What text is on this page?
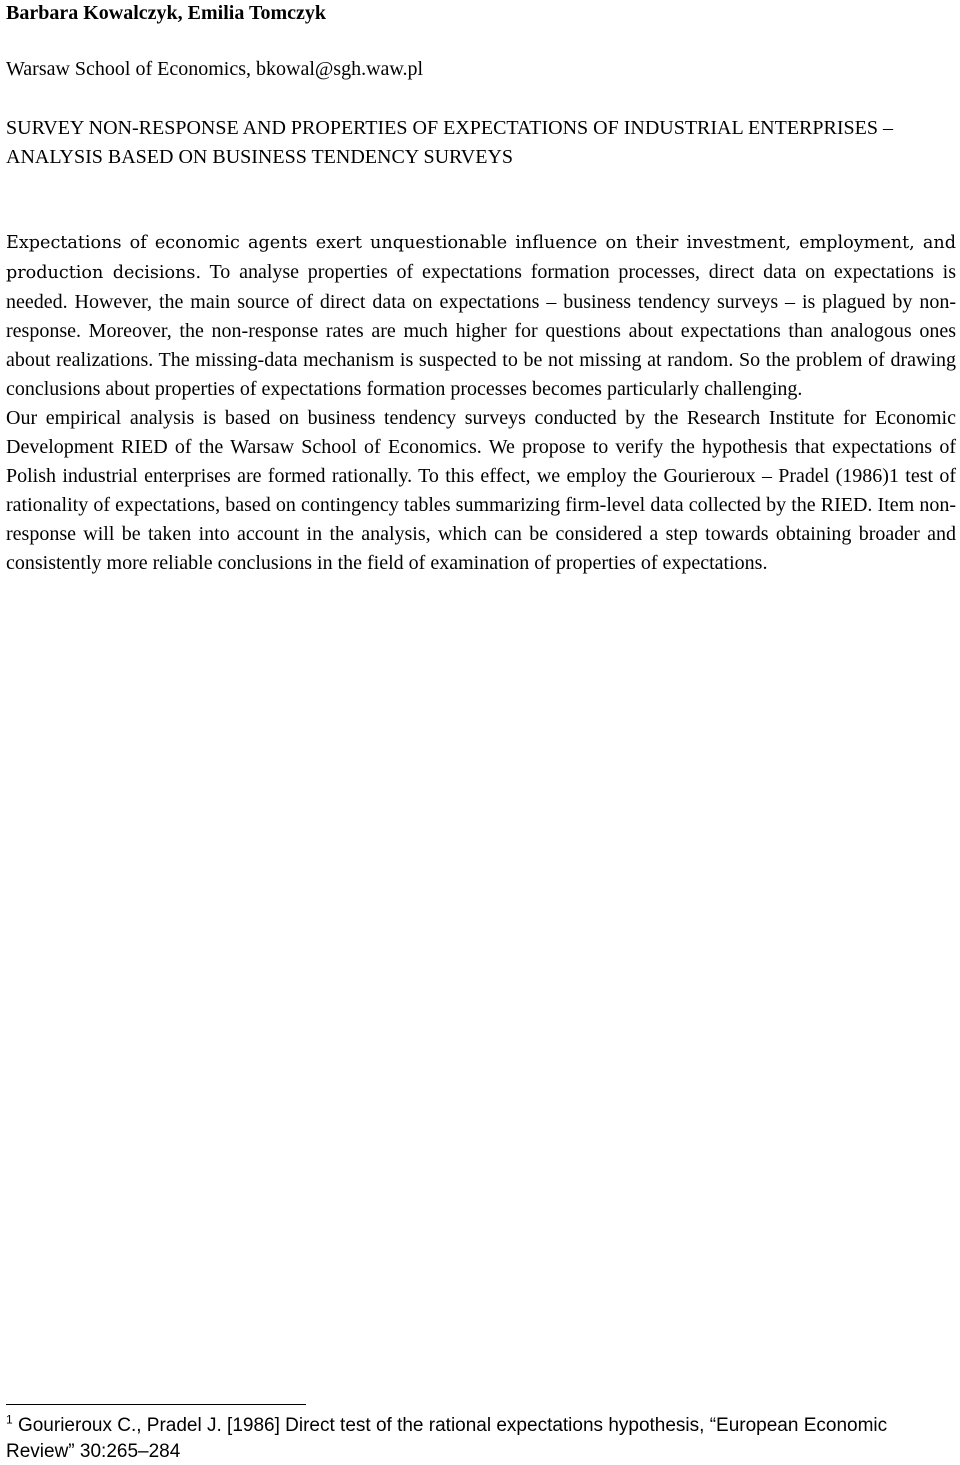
Barbara Kowalczyk, Emilia Tomczyk
Warsaw School of Economics, bkowal@sgh.waw.pl
SURVEY NON-RESPONSE AND PROPERTIES OF EXPECTATIONS OF INDUSTRIAL ENTERPRISES – ANALYSIS BASED ON BUSINESS TENDENCY SURVEYS

Expectations of economic agents exert unquestionable influence on their investment, employment, and production decisions. To analyse properties of expectations formation processes, direct data on expectations is needed. However, the main source of direct data on expectations – business tendency surveys – is plagued by non-response. Moreover, the non-response rates are much higher for questions about expectations than analogous ones about realizations. The missing-data mechanism is suspected to be not missing at random. So the problem of drawing conclusions about properties of expectations formation processes becomes particularly challenging.

Our empirical analysis is based on business tendency surveys conducted by the Research Institute for Economic Development RIED of the Warsaw School of Economics. We propose to verify the hypothesis that expectations of Polish industrial enterprises are formed rationally. To this effect, we employ the Gourieroux – Pradel (1986)1 test of rationality of expectations, based on contingency tables summarizing firm-level data collected by the RIED. Item non-response will be taken into account in the analysis, which can be considered a step towards obtaining broader and consistently more reliable conclusions in the field of examination of properties of expectations.

$^1$ Gourieroux C., Pradel J. [1986] Direct test of the rational expectations hypothesis, “European Economic Review” 30:265–284
